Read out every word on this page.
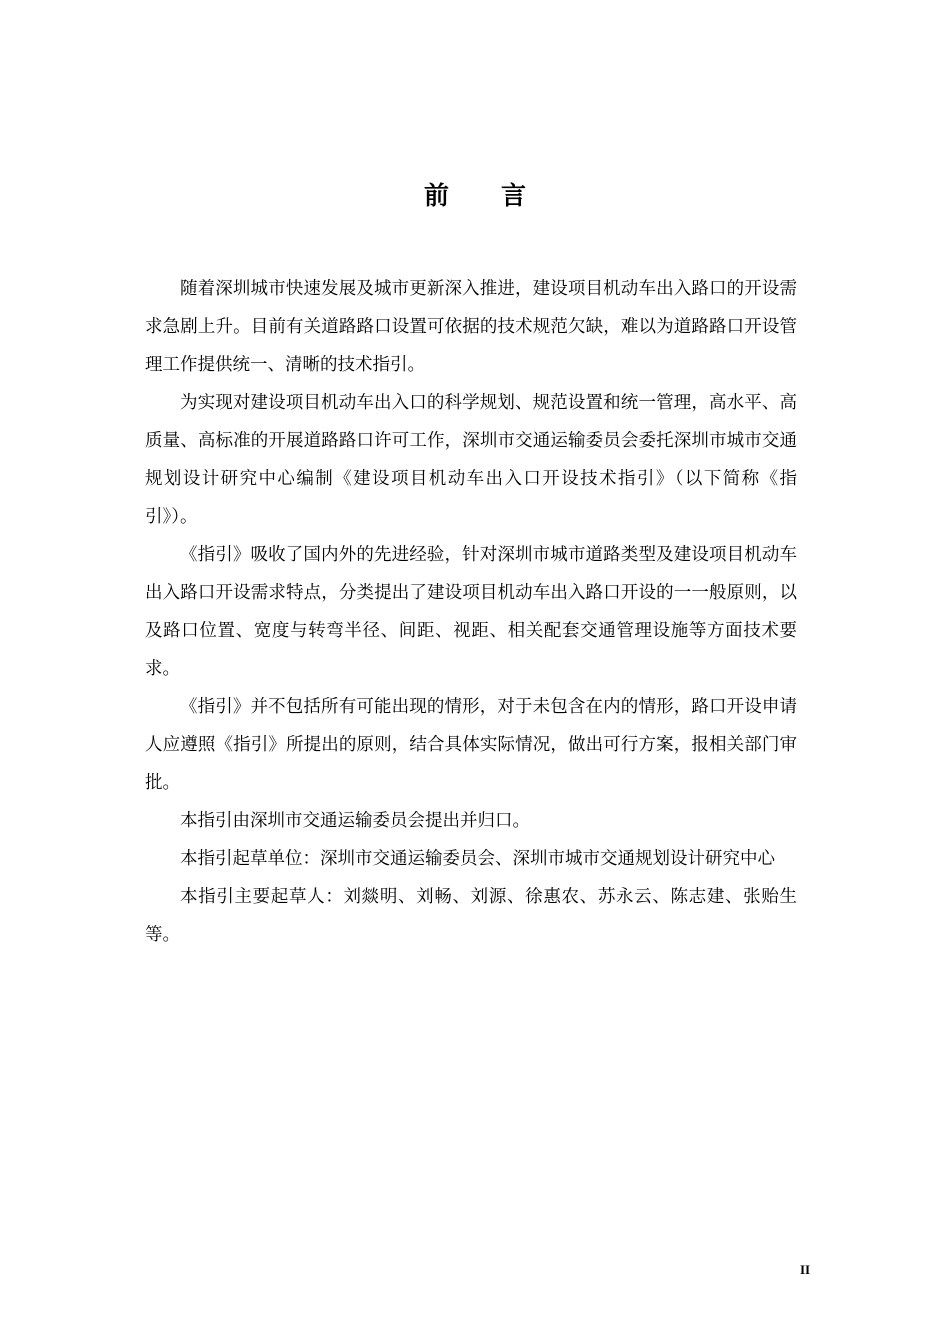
前 言

随着深圳城市快速发展及城市更新深入推进，建设项目机动车出入路口的开设需求急剧上升。目前有关道路路口设置可依据的技术规范欠缺，难以为道路路口开设管理工作提供统一、清晰的技术指引。

为实现对建设项目机动车出入口的科学规划、规范设置和统一管理，高水平、高质量、高标准的开展道路路口许可工作，深圳市交通运输委员会委托深圳市城市交通规划设计研究中心编制《建设项目机动车出入口开设技术指引》（以下简称《指引》）。

《指引》吸收了国内外的先进经验，针对深圳市城市道路类型及建设项目机动车出入路口开设需求特点，分类提出了建设项目机动车出入路口开设的一一般原则，以及路口位置、宽度与转弯半径、间距、视距、相关配套交通管理设施等方面技术要求。

《指引》并不包括所有可能出现的情形，对于未包含在内的情形，路口开设申请人应遵照《指引》所提出的原则，结合具体实际情况，做出可行方案，报相关部门审批。

本指引由深圳市交通运输委员会提出并归口。

本指引起草单位：深圳市交通运输委员会、深圳市城市交通规划设计研究中心

本指引主要起草人：刘燚明、刘畅、刘源、徐惠农、苏永云、陈志建、张贻生等。

II
